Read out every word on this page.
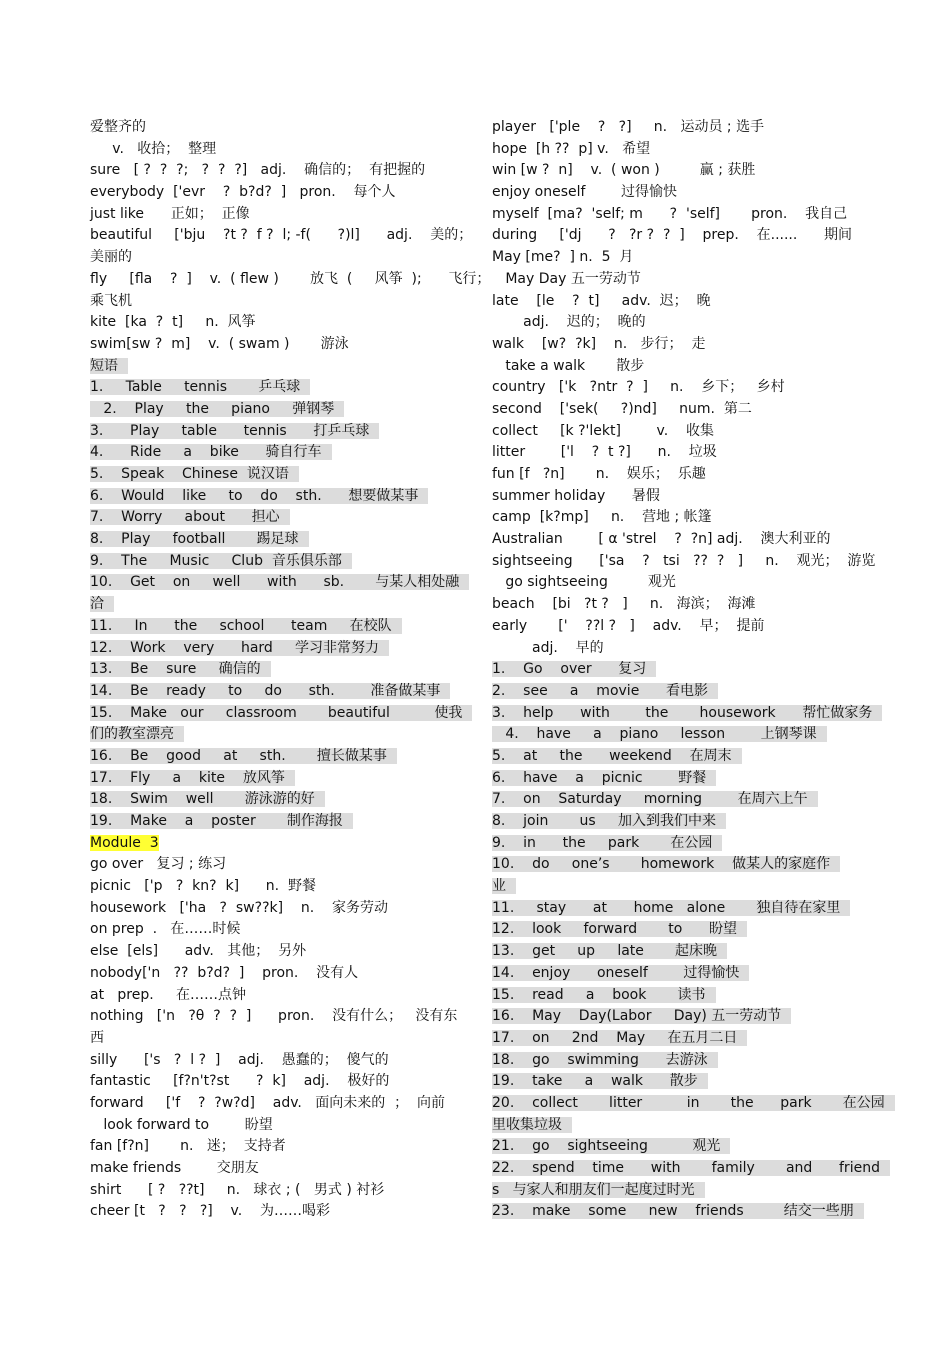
爱整齐的
v.   收拾；  整理
sure   [ ?  ?  ?;   ?  ?  ?]   adj.    确信的；  有把握的
everybody  ['evr    ?  b?d?  ]   pron.    每个人
just like      正如；  正像
beautiful     ['bju    ?t ?  f ?  l; -f(      ?)l]      adj.    美的；
美丽的
fly     [fla    ?  ]    v.  ( flew )       放飞  (     风筝  );      飞行；
乘飞机
kite  [ka  ?  t]     n.  风筝
swim[sw ?  m]    v.  ( swam )       游泳
短语
1.     Table     tennis       乒乓球
2.    Play     the     piano     弹钢琴
3.      Play     table      tennis      打乒乓球
4.      Ride     a    bike      骑自行车
5.    Speak    Chinese  说汉语
6.    Would    like     to    do    sth.      想要做某事
7.    Worry     about      担心
8.    Play     football       踢足球
9.    The     Music     Club  音乐俱乐部
10.    Get    on     well      with      sb.       与某人相处融
洽
11.     In      the     school      team     在校队
12.    Work    very      hard     学习非常努力
13.    Be    sure     确信的
14.    Be    ready     to     do      sth.        准备做某事
15.    Make   our     classroom       beautiful          使我
们的教室漂亮
16.    Be    good     at     sth.       擅长做某事
17.    Fly     a    kite    放风筝
18.    Swim    well       游泳游的好
19.    Make    a    poster       制作海报
Module  3
go over   复习 ; 练习
picnic   ['p   ?  kn?  k]      n.  野餐
housework   ['ha   ?  sw??k]    n.    家务劳动
on prep  .   在……时候
else  [els]      adv.   其他；  另外
nobody['n   ??  b?d?  ]    pron.    没有人
at   prep.     在……点钟
nothing   ['n   ?θ  ?  ?  ]      pron.    没有什么；   没有东
西
silly      ['s   ?  l ?  ]    adj.    愚蠢的；  傻气的
fantastic     [f?n't?st      ?  k]    adj.    极好的
forward     ['f    ?  ?w?d]    adv.   面向未来的  ；  向前
look forward to        盼望
fan [f?n]       n.   迷；  支持者
make friends        交朋友
shirt      [ ?   ??t]     n.   球衣 ; (   男式 ) 衬衫
cheer [t   ?   ?   ?]    v.    为……喝彩
player   ['ple    ?   ?]     n.   运动员 ; 选手
hope  [h ??  p] v.   希望
win [w ?  n]    v.  ( won )         赢 ; 获胜
enjoy oneself        过得愉快
myself  [ma?  'self; m      ?  'self]       pron.    我自己
during     ['dj      ?   ?r ?  ?  ]    prep.    在......      期间
May [me?  ] n.  5  月
May Day 五一劳动节
late    [le    ?  t]     adv.  迟；  晚
adj.    迟的；  晚的
walk    [w?  ?k]    n.   步行；  走
take a walk       散步
country   ['k   ?ntr  ?  ]     n.    乡下；   乡村
second    ['sek(     ?)nd]     num.  第二
collect     [k ?'lekt]        v.    收集
litter        ['l    ?  t ?]      n.    垃圾
fun [f   ?n]       n.    娱乐；  乐趣
summer holiday      暑假
camp  [k?mp]     n.    营地 ; 帐篷
Australian        [ α 'strel    ?  ?n] adj.    澳大利亚的
sightseeing      ['sa    ?   tsi   ??  ?   ]     n.    观光；  游览
go sightseeing         观光
beach    [bi   ?t ?   ]     n.   海滨；  海滩
early       ['    ??l ?   ]    adv.    早；  提前
adj.    早的
1.    Go    over      复习
2.    see     a    movie      看电影
3.    help      with        the       housework      帮忙做家务
4.    have     a    piano     lesson        上钢琴课
5.    at     the      weekend    在周末
6.    have    a    picnic        野餐
7.    on    Saturday     morning        在周六上午
8.    join       us     加入到我们中来
9.    in      the     park       在公园
10.    do     one’s       homework    做某人的家庭作
业
11.     stay      at      home   alone       独自待在家里
12.    look     forward       to      盼望
13.    get     up     late       起床晚
14.    enjoy      oneself        过得愉快
15.    read     a    book       读书
16.    May    Day(Labor     Day) 五一劳动节
17.    on     2nd    May     在五月二日
18.    go    swimming      去游泳
19.    take     a    walk      散步
20.    collect       litter          in       the      park       在公园
里收集垃圾
21.    go    sightseeing          观光
22.    spend    time      with       family       and      friend
s   与家人和朋友们一起度过时光
23.    make    some     new    friends         结交一些朋
